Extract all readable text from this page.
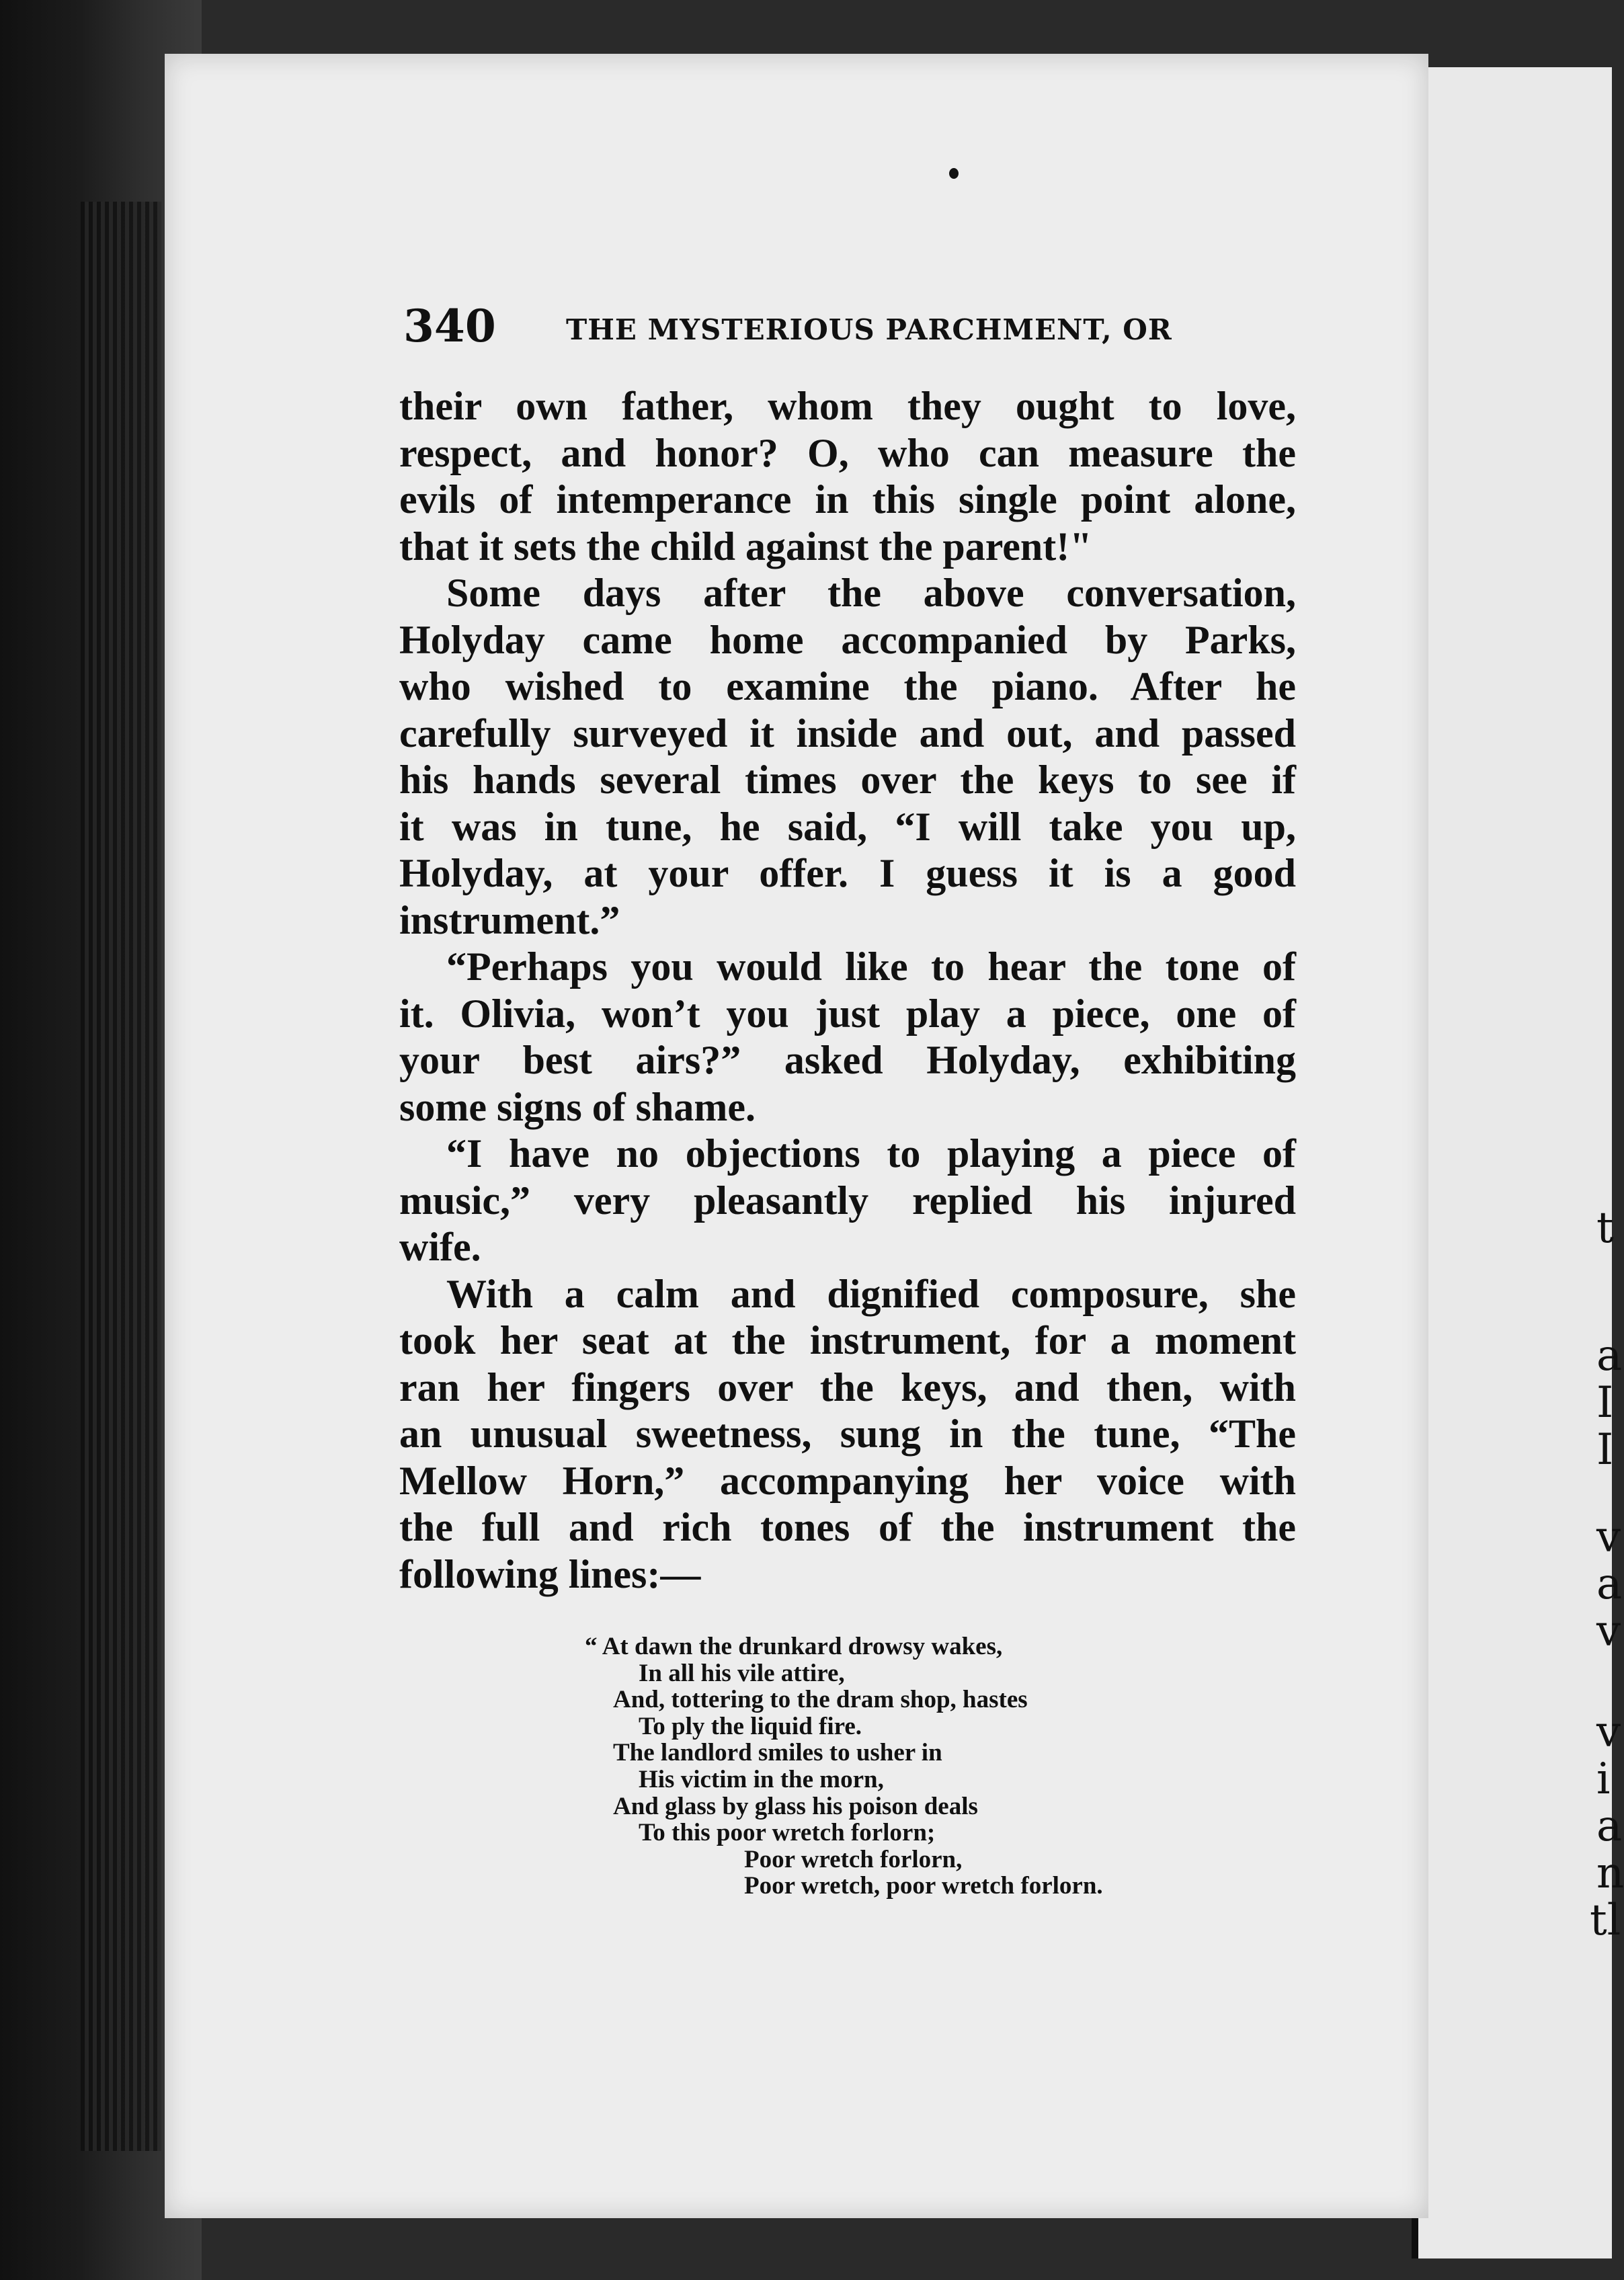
t
a
I
I
v
a
v
v
i
a
n
tl
340 THE MYSTERIOUS PARCHMENT, OR
their own father, whom they ought to love,
respect, and honor? O, who can measure the
evils of intemperance in this single point alone,
that it sets the child against the parent!"
Some days after the above conversation,
Holyday came home accompanied by Parks,
who wished to examine the piano. After he
carefully surveyed it inside and out, and passed
his hands several times over the keys to see if
it was in tune, he said, “I will take you up,
Holyday, at your offer. I guess it is a good
instrument.”
“Perhaps you would like to hear the tone of
it. Olivia, won’t you just play a piece, one of
your best airs?” asked Holyday, exhibiting
some signs of shame.
“I have no objections to playing a piece of
music,” very pleasantly replied his injured
wife.
With a calm and dignified composure, she
took her seat at the instrument, for a moment
ran her fingers over the keys, and then, with
an unusual sweetness, sung in the tune, “The
Mellow Horn,” accompanying her voice with
the full and rich tones of the instrument the
following lines:—
“ At dawn the drunkard drowsy wakes,
In all his vile attire,
And, tottering to the dram shop, hastes
To ply the liquid fire.
The landlord smiles to usher in
His victim in the morn,
And glass by glass his poison deals
To this poor wretch forlorn;
Poor wretch forlorn,
Poor wretch, poor wretch forlorn.
